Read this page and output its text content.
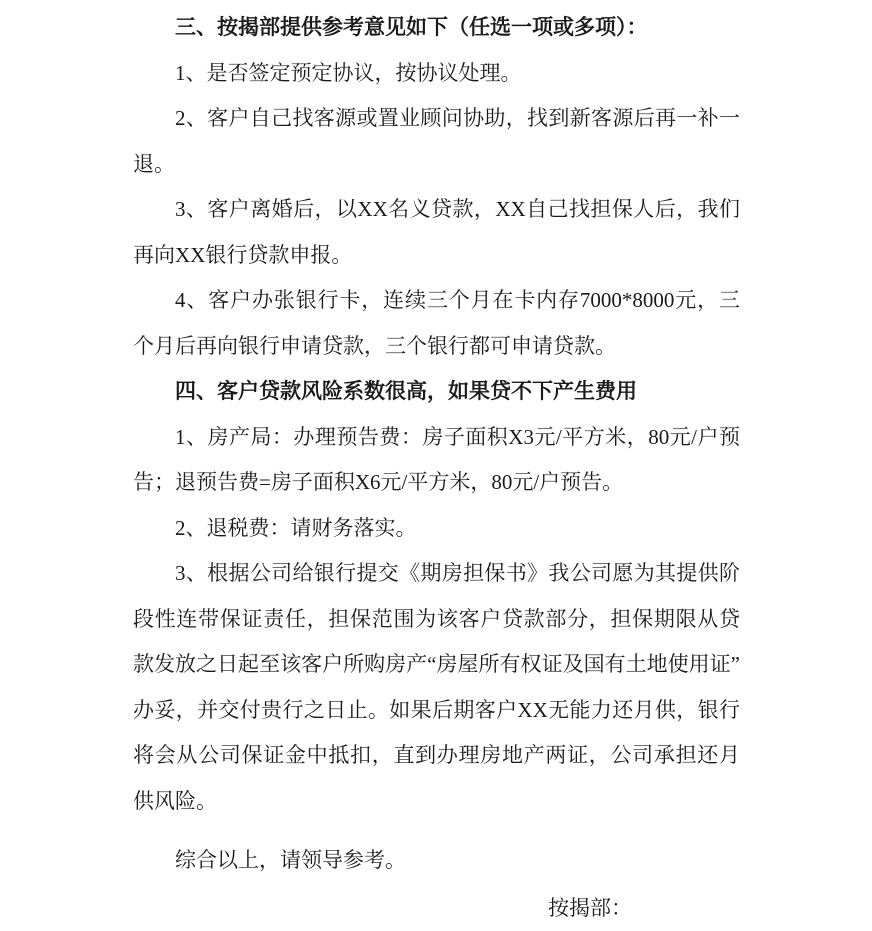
三、按揭部提供参考意见如下（任选一项或多项）：

1、是否签定预定协议，按协议处理。

2、客户自己找客源或置业顾问协助，找到新客源后再一补一退。

3、客户离婚后，以XX名义贷款，XX自己找担保人后，我们再向XX银行贷款申报。

4、客户办张银行卡，连续三个月在卡内存7000*8000元，三个月后再向银行申请贷款，三个银行都可申请贷款。

四、客户贷款风险系数很高，如果贷不下产生费用

1、房产局：办理预告费：房子面积X3元/平方米，80元/户预告；退预告费=房子面积X6元/平方米，80元/户预告。

2、退税费：请财务落实。

3、根据公司给银行提交《期房担保书》我公司愿为其提供阶段性连带保证责任，担保范围为该客户贷款部分，担保期限从贷款发放之日起至该客户所购房产“房屋所有权证及国有土地使用证”办妥，并交付贵行之日止。如果后期客户XX无能力还月供，银行将会从公司保证金中抵扣，直到办理房地产两证，公司承担还月供风险。

综合以上，请领导参考。

按揭部：
